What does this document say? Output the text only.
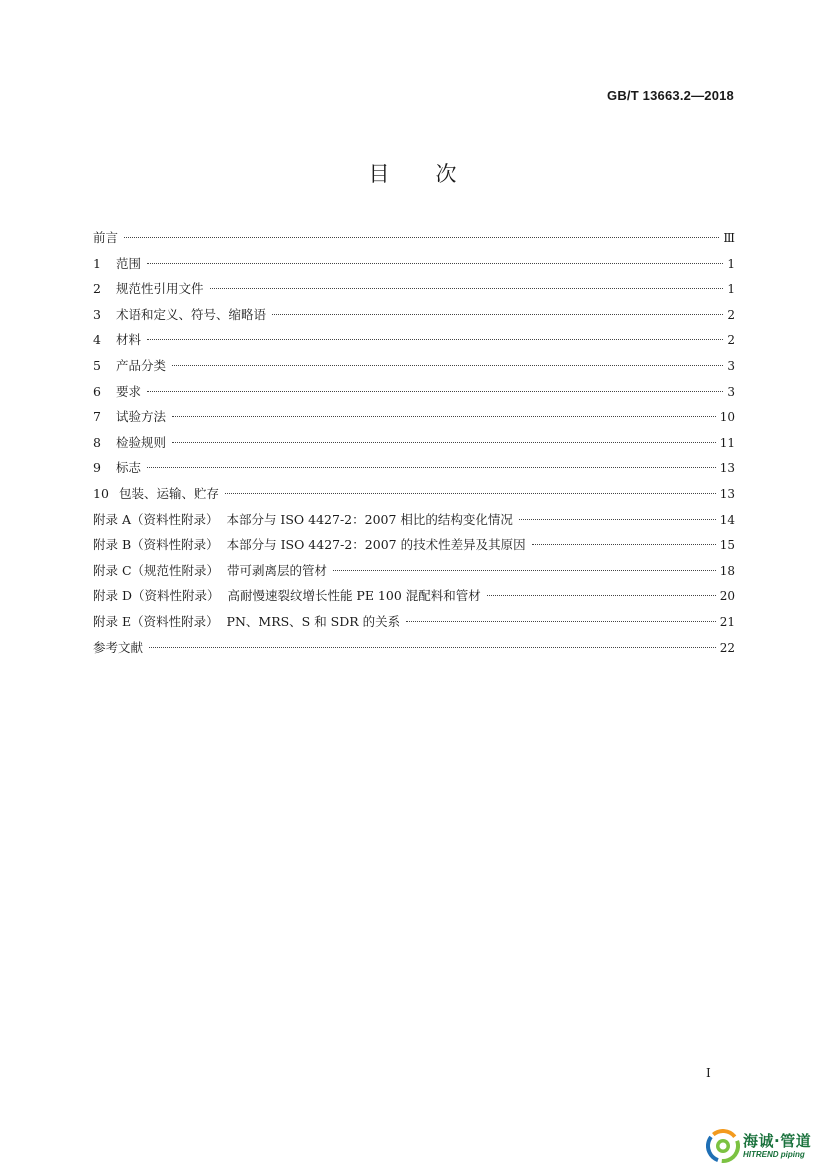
GB/T 13663.2—2018
目 次
前言	Ⅲ
1	范围	1
2	规范性引用文件	1
3	术语和定义、符号、缩略语	2
4	材料	2
5	产品分类	3
6	要求	3
7	试验方法	10
8	检验规则	11
9	标志	13
10 包装、运输、贮存	13
附录 A（资料性附录）  本部分与 ISO 4427-2：2007 相比的结构变化情况	14
附录 B（资料性附录）  本部分与 ISO 4427-2：2007 的技术性差异及其原因	15
附录 C（规范性附录）  带可剥离层的管材	18
附录 D（资料性附录）  高耐慢速裂纹增长性能 PE 100 混配料和管材	20
附录 E（资料性附录）  PN、MRS、S 和 SDR 的关系	21
参考文献	22
Ⅰ
海诚·管道
HITREND piping
